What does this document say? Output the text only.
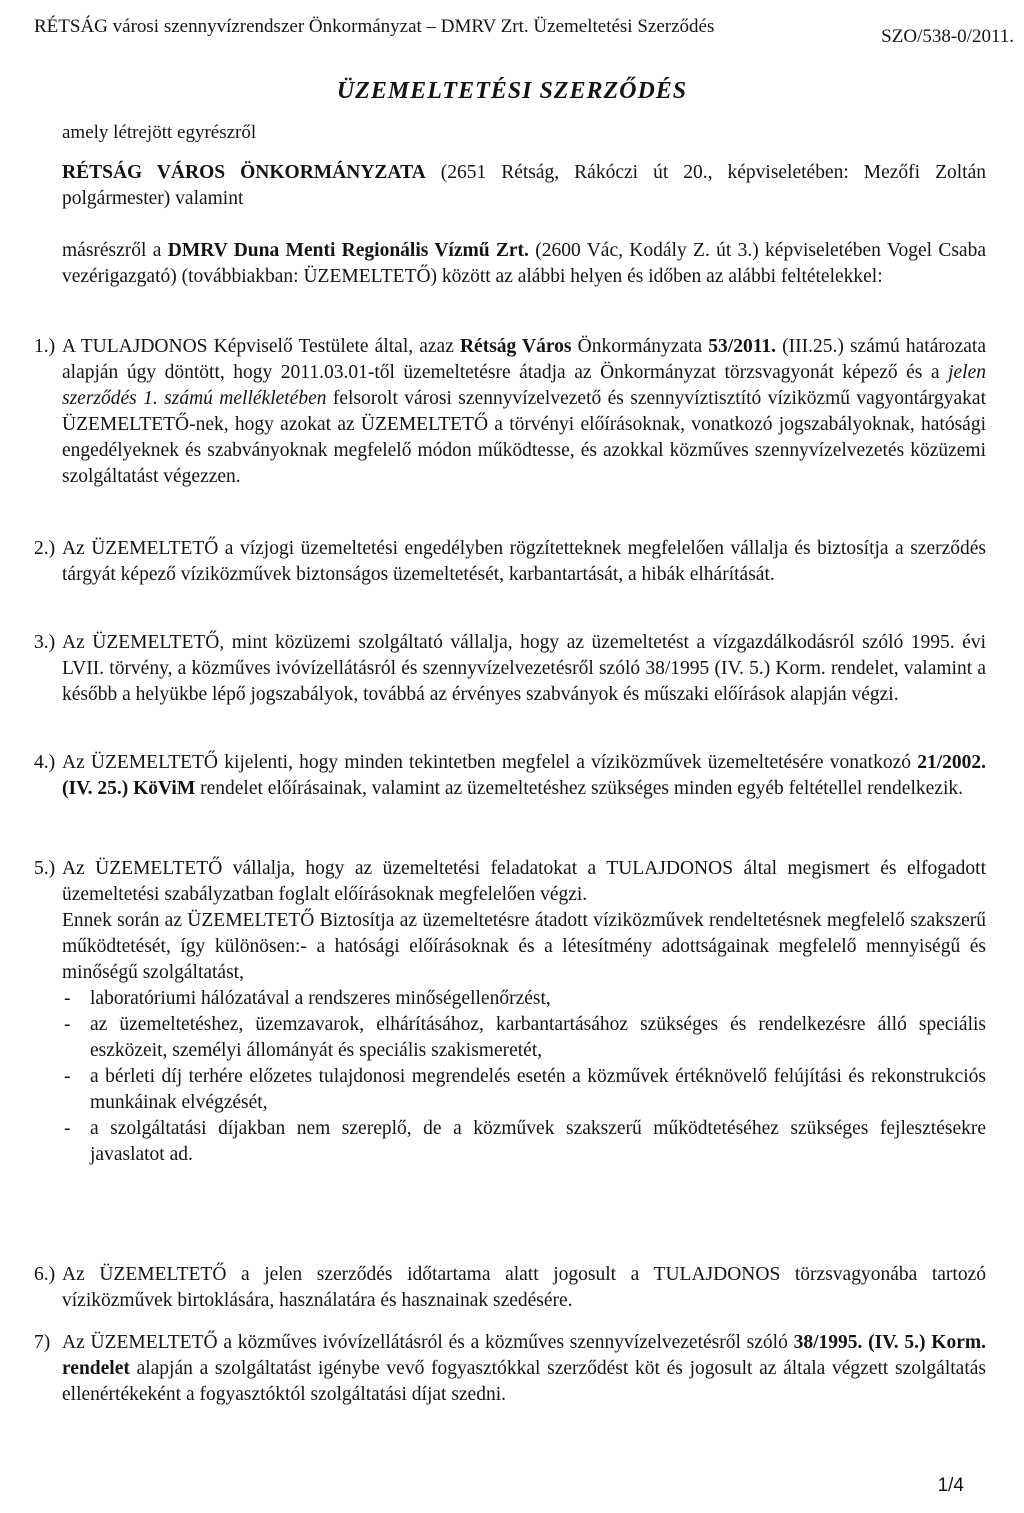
RÉTSÁG városi szennyvízrendszer Önkormányzat – DMRV Zrt. Üzemeltetési Szerződés	SZO/538-0/2011.
ÜZEMELTETÉSI SZERZŐDÉS
amely létrejött egyrészről

RÉTSÁG VÁROS ÖNKORMÁNYZATA (2651 Rétság, Rákóczi út 20., képviseletében: Mezőfi Zoltán polgármester) valamint

másrészről a DMRV Duna Menti Regionális Vízmű Zrt. (2600 Vác, Kodály Z. út 3.) képviseletében Vogel Csaba vezérigazgató) (továbbiakban: ÜZEMELTETŐ) között az alábbi helyen és időben az alábbi feltételekkel:

1.) A TULAJDONOS Képviselő Testülete által, azaz Rétság Város Önkormányzata 53/2011. (III.25.) számú határozata alapján úgy döntött, hogy 2011.03.01-től üzemeltetésre átadja az Önkormányzat törzsvagyonát képező és a jelen szerződés 1. számú mellékletében felsorolt városi szennyvízelvezető és szennyvíztisztító víziközmű vagyontárgyakat ÜZEMELTETŐ-nek, hogy azokat az ÜZEMELTETŐ a törvényi előírásoknak, vonatkozó jogszabályoknak, hatósági engedélyeknek és szabványoknak megfelelő módon működtesse, és azokkal közműves szennyvízelvezetés közüzemi szolgáltatást végezzen.
2.) Az ÜZEMELTETŐ a vízjogi üzemeltetési engedélyben rögzítetteknek megfelelően vállalja és biztosítja a szerződés tárgyát képező víziközművek biztonságos üzemeltetését, karbantartását, a hibák elhárítását.
3.) Az ÜZEMELTETŐ, mint közüzemi szolgáltató vállalja, hogy az üzemeltetést a vízgazdálkodásról szóló 1995. évi LVII. törvény, a közműves ivóvízellátásról és szennyvízelvezetésről szóló 38/1995 (IV. 5.) Korm. rendelet, valamint a később a helyükbe lépő jogszabályok, továbbá az érvényes szabványok és műszaki előírások alapján végzi.
4.) Az ÜZEMELTETŐ kijelenti, hogy minden tekintetben megfelel a víziközművek üzemeltetésére vonatkozó 21/2002. (IV. 25.) KöViM rendelet előírásainak, valamint az üzemeltetéshez szükséges minden egyéb feltétellel rendelkezik.
5.) Az ÜZEMELTETŐ vállalja, hogy az üzemeltetési feladatokat a TULAJDONOS által megismert és elfogadott üzemeltetési szabályzatban foglalt előírásoknak megfelelően végzi.
Ennek során az ÜZEMELTETŐ Biztosítja az üzemeltetésre átadott víziközművek rendeltetésnek megfelelő szakszerű működtetését, így különösen:- a hatósági előírásoknak és a létesítmény adottságainak megfelelő mennyiségű és minőségű szolgáltatást,
- laboratóriumi hálózatával a rendszeres minőségellenőrzést,
- az üzemeltetéshez, üzemzavarok, elhárításához, karbantartásához szükséges és rendelkezésre álló speciális eszközeit, személyi állományát és speciális szakismeretét,
- a bérleti díj terhére előzetes tulajdonosi megrendelés esetén a közművek értéknövelő felújítási és rekonstrukciós munkáinak elvégzését,
- a szolgáltatási díjakban nem szereplő, de a közművek szakszerű működtetéséhez szükséges fejlesztésekre javaslatot ad.
6.) Az ÜZEMELTETŐ a jelen szerződés időtartama alatt jogosult a TULAJDONOS törzsvagyonába tartozó víziközművek birtoklására, használatára és hasznainak szedésére.
7) Az ÜZEMELTETŐ a közműves ivóvízellátásról és a közműves szennyvízelvezetésről szóló 38/1995. (IV. 5.) Korm. rendelet alapján a szolgáltatást igénybe vevő fogyasztókkal szerződést köt és jogosult az általa végzett szolgáltatás ellenértékeként a fogyasztóktól szolgáltatási díjat szedni.
1/4
